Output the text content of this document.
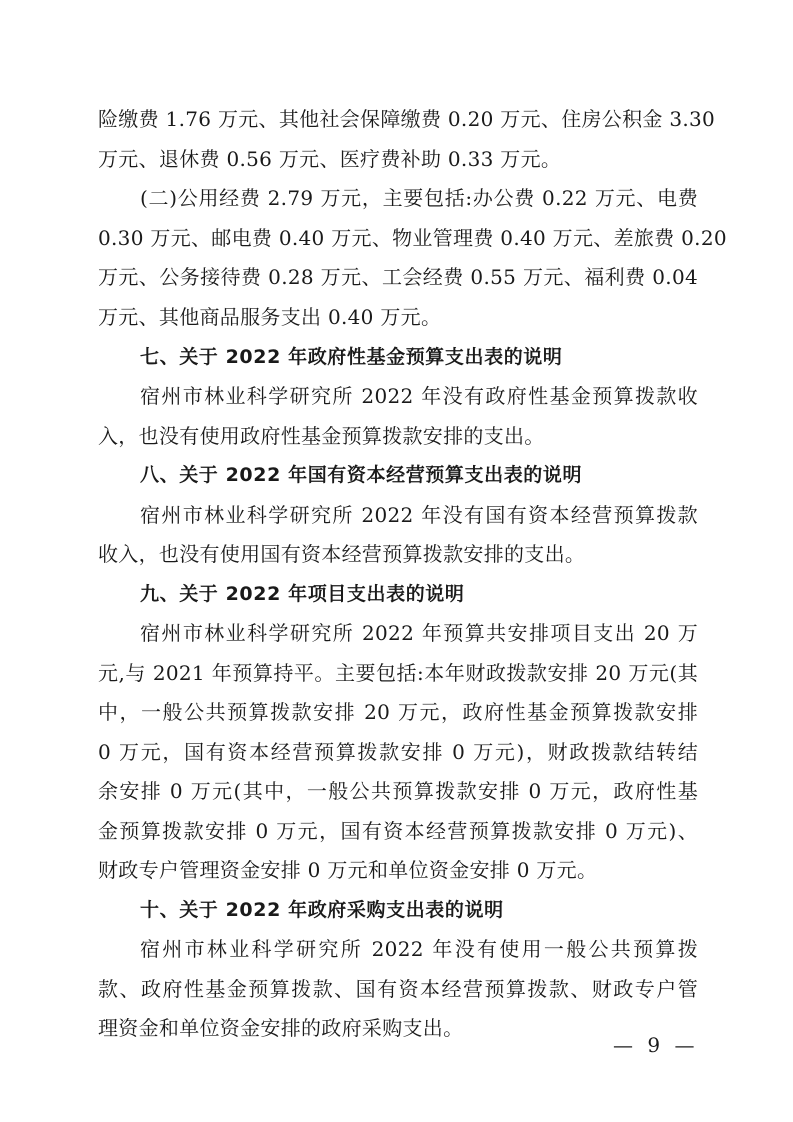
险缴费 1.76 万元、其他社会保障缴费 0.20 万元、住房公积金 3.30
万元、退休费 0.56 万元、医疗费补助 0.33 万元。
(二)公用经费 2.79 万元，主要包括:办公费 0.22 万元、电费
0.30 万元、邮电费 0.40 万元、物业管理费 0.40 万元、差旅费 0.20
万元、公务接待费 0.28 万元、工会经费 0.55 万元、福利费 0.04
万元、其他商品服务支出 0.40 万元。
七、关于 2022 年政府性基金预算支出表的说明
宿州市林业科学研究所 2022 年没有政府性基金预算拨款收
入，也没有使用政府性基金预算拨款安排的支出。
八、关于 2022 年国有资本经营预算支出表的说明
宿州市林业科学研究所 2022 年没有国有资本经营预算拨款
收入，也没有使用国有资本经营预算拨款安排的支出。
九、关于 2022 年项目支出表的说明
宿州市林业科学研究所 2022 年预算共安排项目支出 20 万
元,与 2021 年预算持平。主要包括:本年财政拨款安排 20 万元(其
中，一般公共预算拨款安排 20 万元，政府性基金预算拨款安排
0 万元，国有资本经营预算拨款安排 0 万元)，财政拨款结转结
余安排 0 万元(其中，一般公共预算拨款安排 0 万元，政府性基
金预算拨款安排 0 万元，国有资本经营预算拨款安排 0 万元)、
财政专户管理资金安排 0 万元和单位资金安排 0 万元。
十、关于 2022 年政府采购支出表的说明
宿州市林业科学研究所 2022 年没有使用一般公共预算拨
款、政府性基金预算拨款、国有资本经营预算拨款、财政专户管
理资金和单位资金安排的政府采购支出。
— 9 —
